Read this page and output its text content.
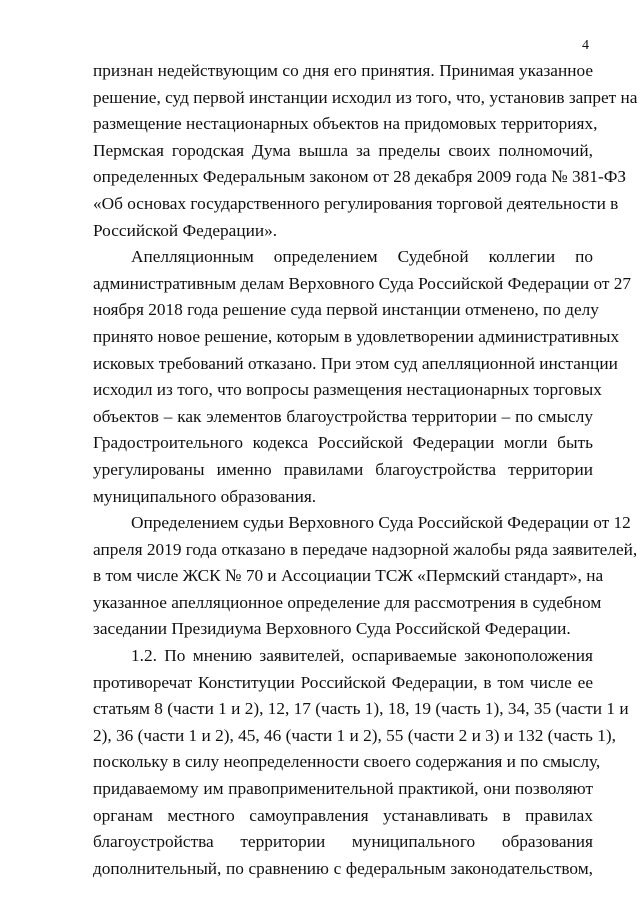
4
признан недействующим со дня его принятия. Принимая указанное
решение, суд первой инстанции исходил из того, что, установив запрет на
размещение нестационарных объектов на придомовых территориях,
Пермская городская Дума вышла за пределы своих полномочий,
определенных Федеральным законом от 28 декабря 2009 года № 381-ФЗ
«Об основах государственного регулирования торговой деятельности в
Российской Федерации».
Апелляционным определением Судебной коллегии по
административным делам Верховного Суда Российской Федерации от 27
ноября 2018 года решение суда первой инстанции отменено, по делу
принято новое решение, которым в удовлетворении административных
исковых требований отказано. При этом суд апелляционной инстанции
исходил из того, что вопросы размещения нестационарных торговых
объектов – как элементов благоустройства территории – по смыслу
Градостроительного кодекса Российской Федерации могли быть
урегулированы именно правилами благоустройства территории
муниципального образования.
Определением судьи Верховного Суда Российской Федерации от 12
апреля 2019 года отказано в передаче надзорной жалобы ряда заявителей,
в том числе ЖСК № 70 и Ассоциации ТСЖ «Пермский стандарт», на
указанное апелляционное определение для рассмотрения в судебном
заседании Президиума Верховного Суда Российской Федерации.
1.2. По мнению заявителей, оспариваемые законоположения
противоречат Конституции Российской Федерации, в том числе ее
статьям 8 (части 1 и 2), 12, 17 (часть 1), 18, 19 (часть 1), 34, 35 (части 1 и
2), 36 (части 1 и 2), 45, 46 (части 1 и 2), 55 (части 2 и 3) и 132 (часть 1),
поскольку в силу неопределенности своего содержания и по смыслу,
придаваемому им правоприменительной практикой, они позволяют
органам местного самоуправления устанавливать в правилах
благоустройства территории муниципального образования
дополнительный, по сравнению с федеральным законодательством,
